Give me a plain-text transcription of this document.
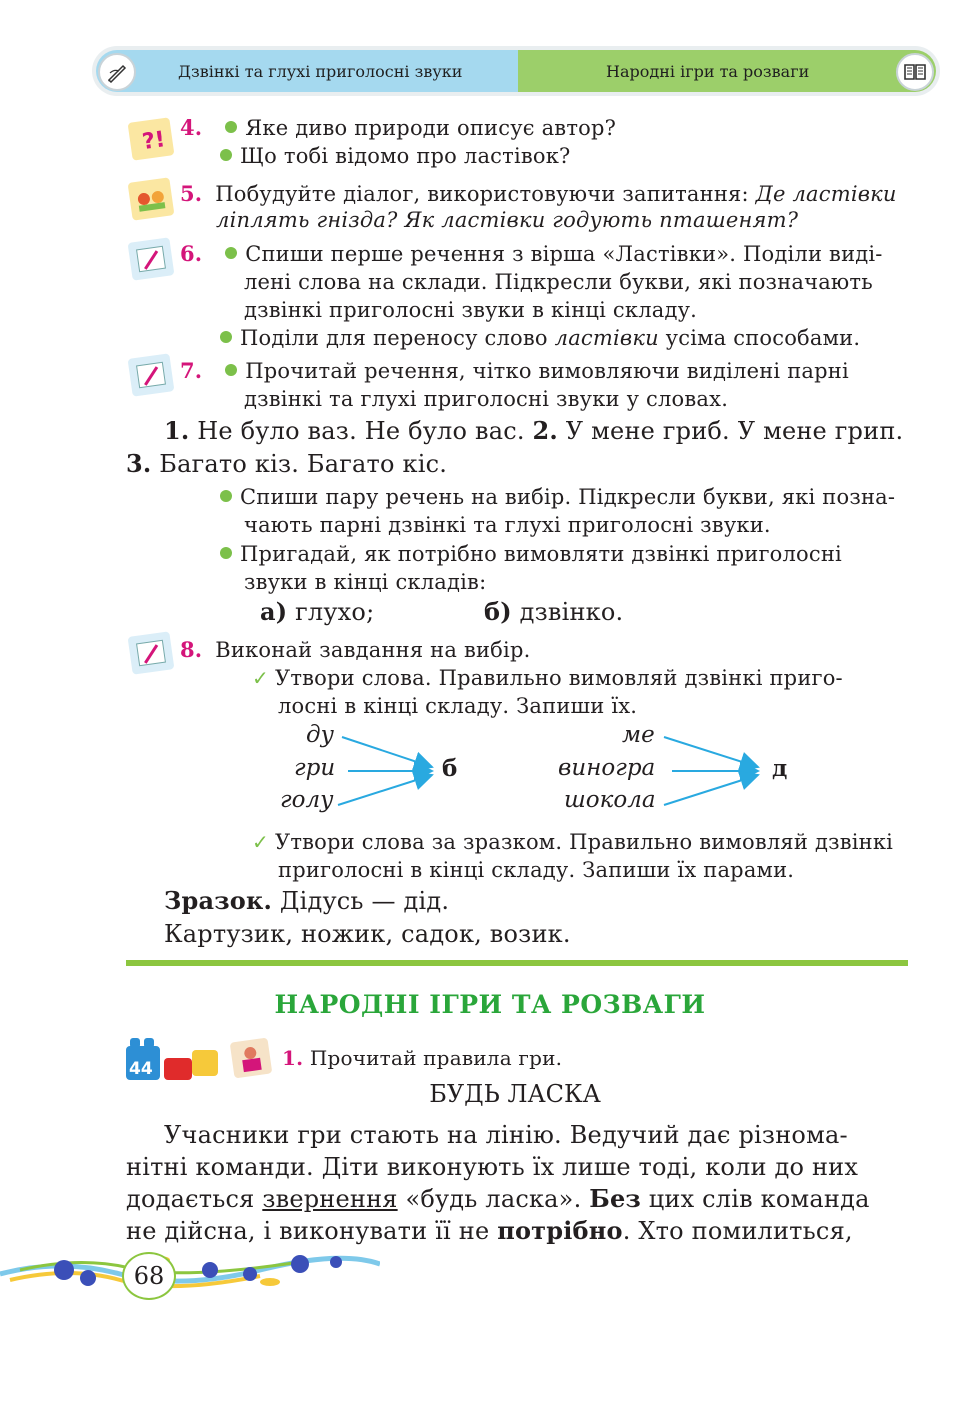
Дзвінкі та глухі приголосні звуки	Народні ігри та розваги
?! 4. Яке диво природи описує автор?
Що тобі відомо про ластівок?
5. Побудуйте діалог, використовуючи запитання: Де ластівки
ліплять гнізда? Як ластівки годують пташенят?
6. Спиши перше речення з вірша «Ластівки». Поділи виді-
лені слова на склади. Підкресли букви, які позначають
дзвінкі приголосні звуки в кінці складу.
Поділи для переносу слово ластівки усіма способами.
7. Прочитай речення, чітко вимовляючи виділені парні
дзвінкі та глухі приголосні звуки у словах.
1. Не було ваз. Не було вас. 2. У мене гриб. У мене грип.
3. Багато кіз. Багато кіс.
Спиши пару речень на вибір. Підкресли букви, які позна-
чають парні дзвінкі та глухі приголосні звуки.
Пригадай, як потрібно вимовляти дзвінкі приголосні
звуки в кінці складів:
а) глухо;	б) дзвінко.
8. Виконай завдання на вибір.
✓ Утвори слова. Правильно вимовляй дзвінкі приго-
лосні в кінці складу. Запиши їх.
ду
гри
голу
б
ме
виногра
шокола
д
✓ Утвори слова за зразком. Правильно вимовляй дзвінкі
приголосні в кінці складу. Запиши їх парами.
Зразок. Дідусь — дід.
Картузик, ножик, садок, возик.
НАРОДНІ ІГРИ ТА РОЗВАГИ
44	1. Прочитай правила гри.
БУДЬ ЛАСКА
Учасники гри стають на лінію. Ведучий дає різнома-
нітні команди. Діти виконують їх лише тоді, коли до них
додається звернення «будь ласка». Без цих слів команда
не дійсна, і виконувати її не потрібно. Хто помилиться,
68
